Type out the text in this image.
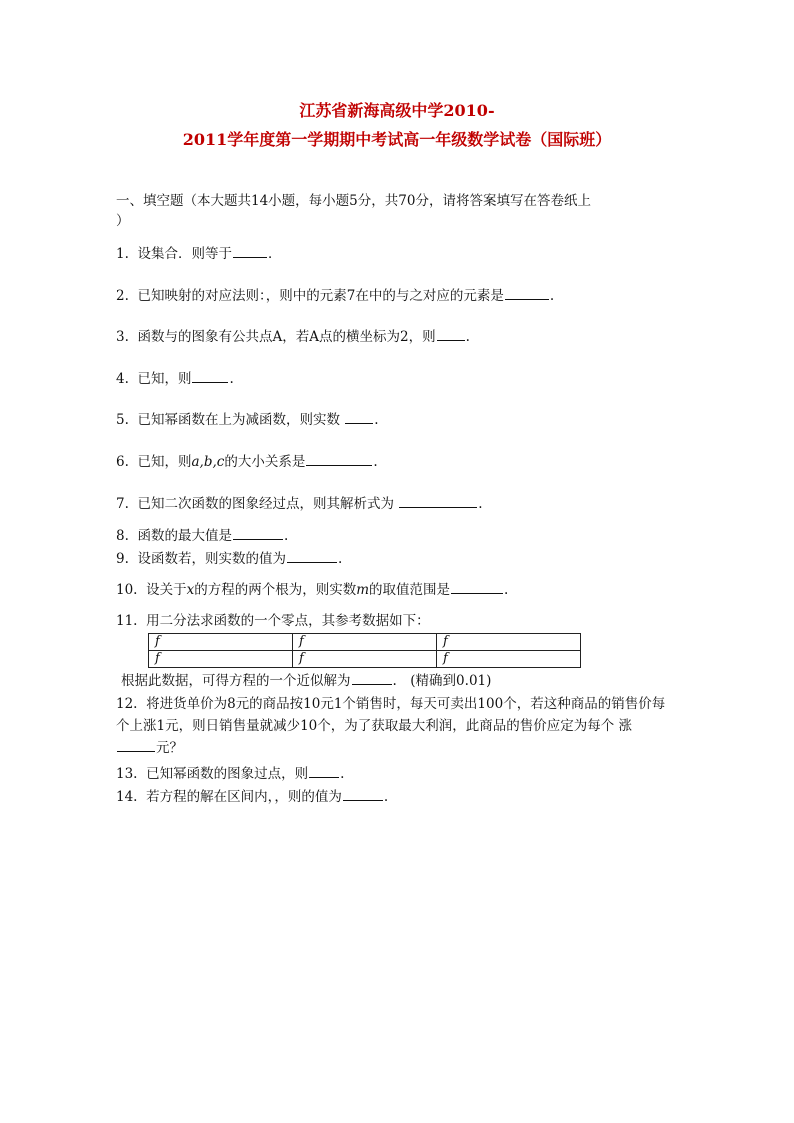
江苏省新海高级中学2010-
2011学年度第一学期期中考试高一年级数学试卷（国际班）
一、填空题（本大题共14小题，每小题5分，共70分，请将答案填写在答卷纸上
）
1. 设集合．则等于	．
2. 已知映射的对应法则：，则中的元素7在中的与之对应的元素是	.
3. 函数与的图象有公共点A，若A点的横坐标为2，则 .
4. 已知，则	.
5. 已知幂函数在上为减函数，则实数 .
6. 已知，则a,b,c的大小关系是	.
7. 已知二次函数的图象经过点，则其解析式为	.
8. 函数的最大值是	.
9. 设函数若，则实数的值为	.
10. 设关于x的方程的两个根为，则实数m的取值范围是	.
11. 用二分法求函数的一个零点，其参考数据如下：
f	f	f
f	f	f
根据此数据，可得方程的一个近似解为	.　(精确到0.01)
12. 将进货单价为8元的商品按10元1个销售时，每天可卖出100个，若这种商品的销售价每个上涨1元，则日销售量就减少10个，为了获取最大利润，此商品的售价应定为每个 涨元？
13. 已知幂函数的图象过点，则 .
14. 若方程的解在区间内，，则的值为	.
